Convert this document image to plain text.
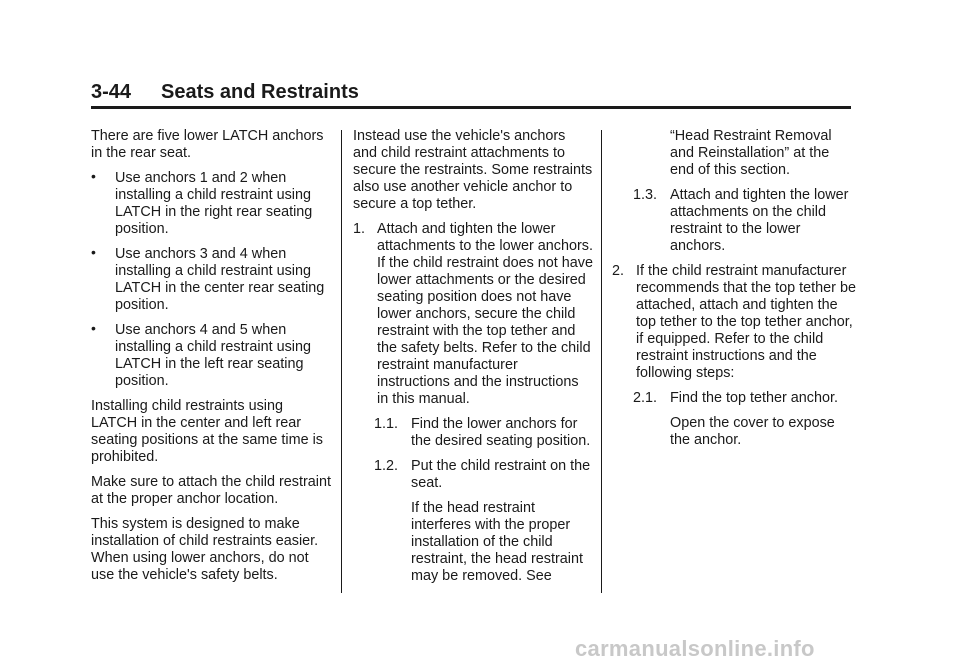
3-44 Seats and Restraints

There are five lower LATCH anchors in the rear seat.

• Use anchors 1 and 2 when installing a child restraint using LATCH in the right rear seating position.
• Use anchors 3 and 4 when installing a child restraint using LATCH in the center rear seating position.
• Use anchors 4 and 5 when installing a child restraint using LATCH in the left rear seating position.

Installing child restraints using LATCH in the center and left rear seating positions at the same time is prohibited.

Make sure to attach the child restraint at the proper anchor location.

This system is designed to make installation of child restraints easier. When using lower anchors, do not use the vehicle's safety belts.

Instead use the vehicle's anchors and child restraint attachments to secure the restraints. Some restraints also use another vehicle anchor to secure a top tether.

1. Attach and tighten the lower attachments to the lower anchors. If the child restraint does not have lower attachments or the desired seating position does not have lower anchors, secure the child restraint with the top tether and the safety belts. Refer to the child restraint manufacturer instructions and the instructions in this manual.
1.1. Find the lower anchors for the desired seating position.
1.2. Put the child restraint on the seat.

If the head restraint interferes with the proper installation of the child restraint, the head restraint may be removed. See

“Head Restraint Removal and Reinstallation” at the end of this section.

1.3. Attach and tighten the lower attachments on the child restraint to the lower anchors.
2. If the child restraint manufacturer recommends that the top tether be attached, attach and tighten the top tether to the top tether anchor, if equipped. Refer to the child restraint instructions and the following steps:
2.1. Find the top tether anchor.

Open the cover to expose the anchor.

carmanualsonline.info
